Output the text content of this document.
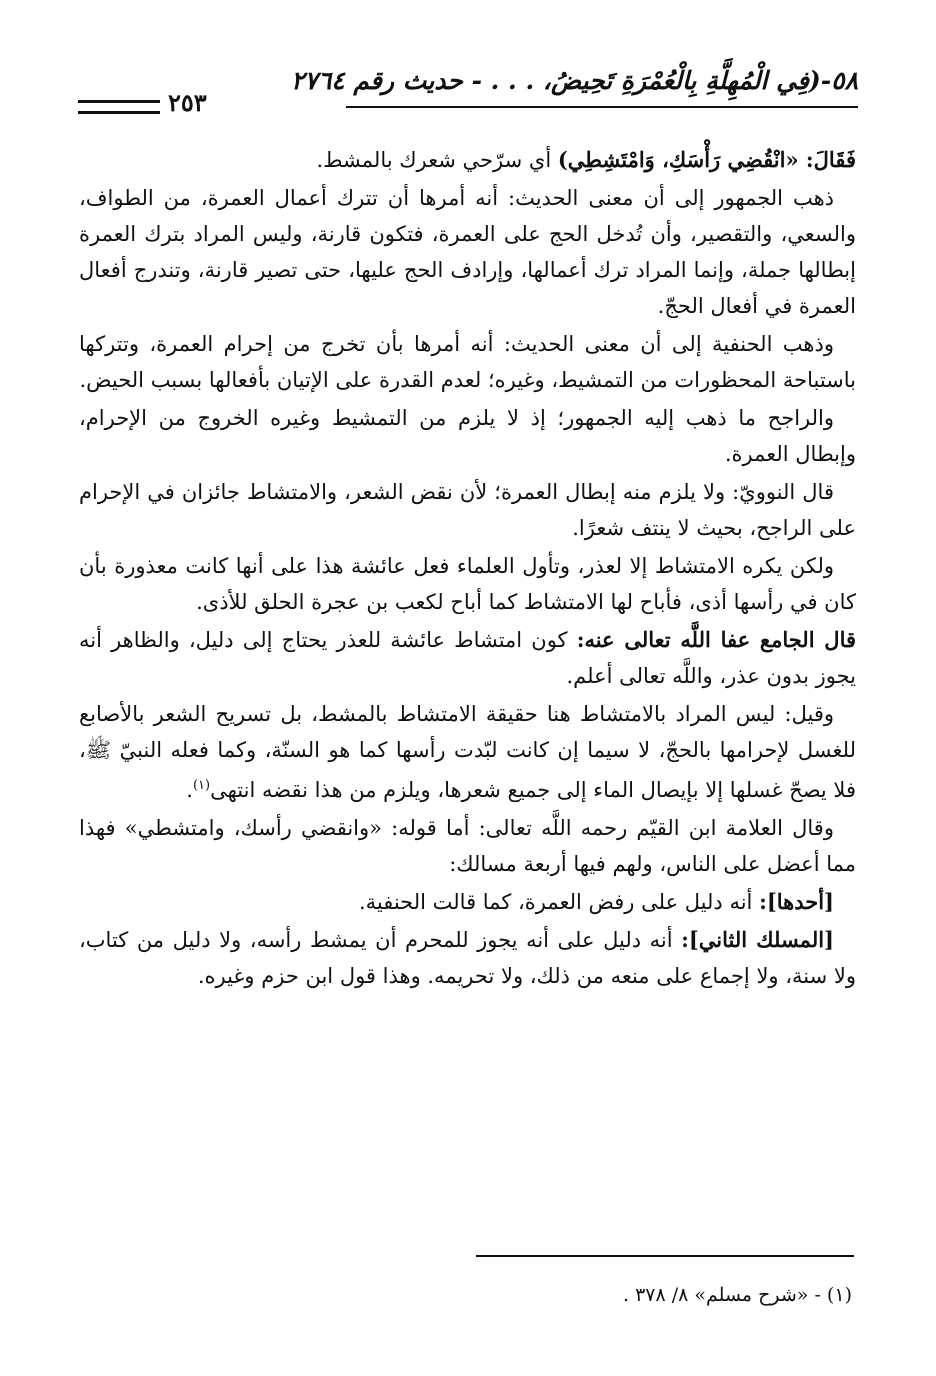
٥٨-(فِي الْمُهِلَّةِ بِالْعُمْرَةِ تَحِيضُ، . . . - حديث رقم ٢٧٦٤
٢٥٣

فَقَالَ: «انْقُضِي رَأْسَكِ، وَامْتَشِطِي) أي سرّحي شعرك بالمشط.

ذهب الجمهور إلى أن معنى الحديث: أنه أمرها أن تترك أعمال العمرة، من الطواف، والسعي، والتقصير، وأن تُدخل الحج على العمرة، فتكون قارنة، وليس المراد بترك العمرة إبطالها جملة، وإنما المراد ترك أعمالها، وإرادف الحج عليها، حتى تصير قارنة، وتندرج أفعال العمرة في أفعال الحجّ.

وذهب الحنفية إلى أن معنى الحديث: أنه أمرها بأن تخرج من إحرام العمرة، وتتركها باستباحة المحظورات من التمشيط، وغيره؛ لعدم القدرة على الإتيان بأفعالها بسبب الحيض.

والراجح ما ذهب إليه الجمهور؛ إذ لا يلزم من التمشيط وغيره الخروج من الإحرام، وإبطال العمرة.

قال النوويّ: ولا يلزم منه إبطال العمرة؛ لأن نقض الشعر، والامتشاط جائزان في الإحرام على الراجح، بحيث لا ينتف شعرًا.

ولكن يكره الامتشاط إلا لعذر، وتأول العلماء فعل عائشة هذا على أنها كانت معذورة بأن كان في رأسها أذى، فأباح لها الامتشاط كما أباح لكعب بن عجرة الحلق للأذى.

قال الجامع عفا اللَّه تعالى عنه: كون امتشاط عائشة للعذر يحتاج إلى دليل، والظاهر أنه يجوز بدون عذر، واللَّه تعالى أعلم.

وقيل: ليس المراد بالامتشاط هنا حقيقة الامتشاط بالمشط، بل تسريح الشعر بالأصابع للغسل لإحرامها بالحجّ، لا سيما إن كانت لبّدت رأسها كما هو السنّة، وكما فعله النبيّ ﷺ، فلا يصحّ غسلها إلا بإيصال الماء إلى جميع شعرها، ويلزم من هذا نقضه انتهى$^{(١)}$.

وقال العلامة ابن القيّم رحمه اللَّه تعالى: أما قوله: «وانقضي رأسك، وامتشطي» فهذا مما أعضل على الناس، ولهم فيها أربعة مسالك:

[أحدها]: أنه دليل على رفض العمرة، كما قالت الحنفية.

[المسلك الثاني]: أنه دليل على أنه يجوز للمحرم أن يمشط رأسه، ولا دليل من كتاب، ولا سنة، ولا إجماع على منعه من ذلك، ولا تحريمه. وهذا قول ابن حزم وغيره.

(١) - «شرح مسلم» ٨/ ٣٧٨ .
